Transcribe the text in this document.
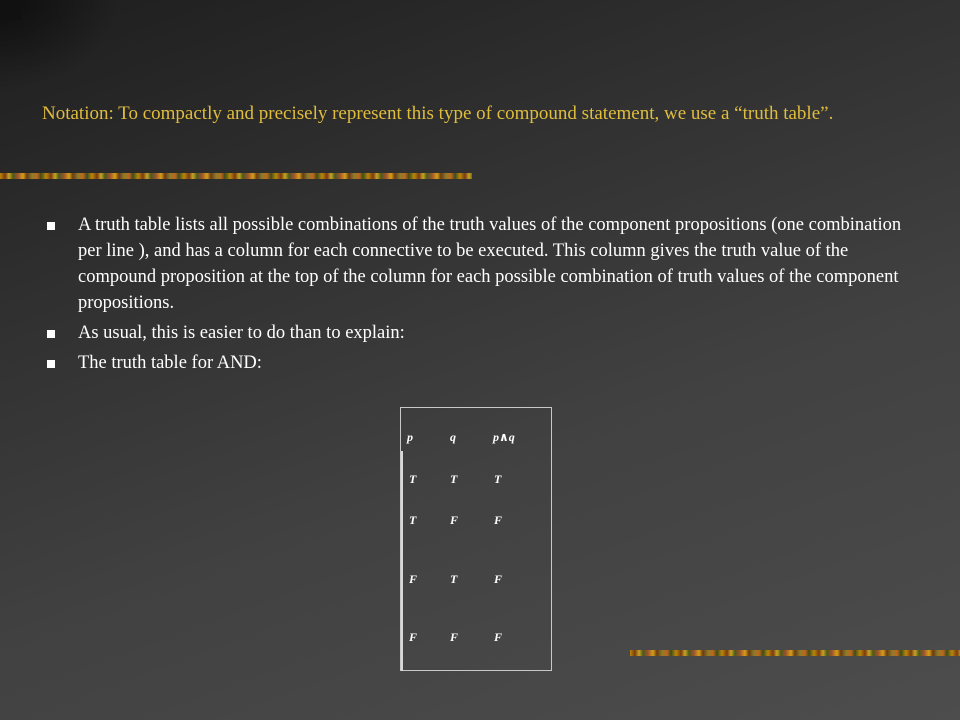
Notation: To compactly and precisely represent this type of compound statement, we use a “truth table”.
A truth table lists all possible combinations of the truth values of the component propositions (one combination per line ), and has a column for each connective to be executed. This column gives the truth value of the compound proposition at the top of the column for each possible combination of truth values of the component propositions.
As usual, this is easier to do than to explain:
The truth table for AND:
p	q	p∧q
T	T	T
T	F	F
F	T	F
F	F	F
